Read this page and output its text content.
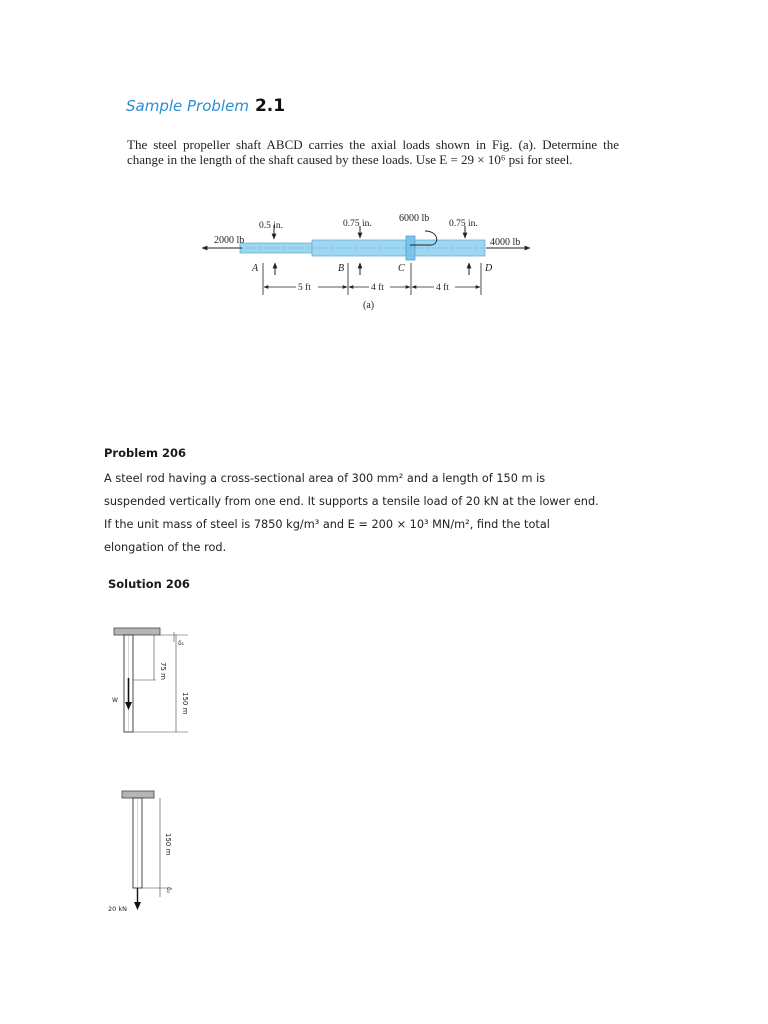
Sample Problem 2.1
The steel propeller shaft ABCD carries the axial loads shown in Fig. (a). Determine the change in the length of the shaft caused by these loads. Use E = 29 × 10⁶ psi for steel.
2000 lb	4000 lb
6000 lb
0.5 in.	0.75 in.	0.75 in.
A	B	C	D
5 ft	4 ft	4 ft
(a)
Problem 206
A steel rod having a cross-sectional area of 300 mm² and a length of 150 m is
suspended vertically from one end. It supports a tensile load of 20 kN at the lower end.
If the unit mass of steel is 7850 kg/m³ and E = 200 × 10³ MN/m², find the total
elongation of the rod.
Solution 206
δ₁
75 m
150 m
W
150 m
δ₂
20 kN
